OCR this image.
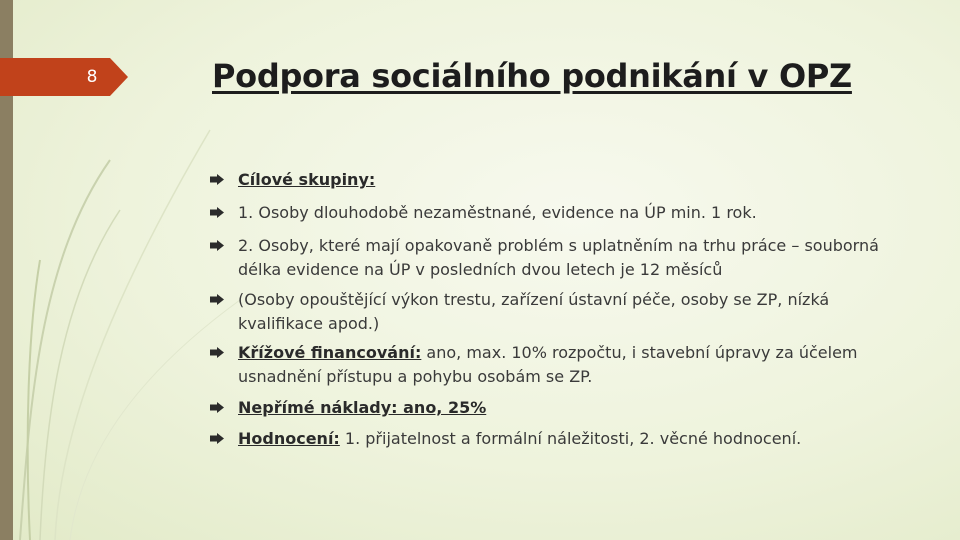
8	Podpora sociálního podnikání v OPZ
Cílové skupiny:
1. Osoby dlouhodobě nezaměstnané, evidence na ÚP min. 1 rok.
2. Osoby, které mají opakovaně problém s uplatněním na trhu práce – souborná délka evidence na ÚP v posledních dvou letech je 12 měsíců
(Osoby opouštějící výkon trestu, zařízení ústavní péče, osoby se ZP, nízká kvalifikace apod.)
Křížové financování: ano, max. 10% rozpočtu, i stavební úpravy za účelem usnadnění přístupu a pohybu osobám se ZP.
Nepřímé náklady: ano, 25%
Hodnocení: 1. přijatelnost a formální náležitosti, 2. věcné hodnocení.
